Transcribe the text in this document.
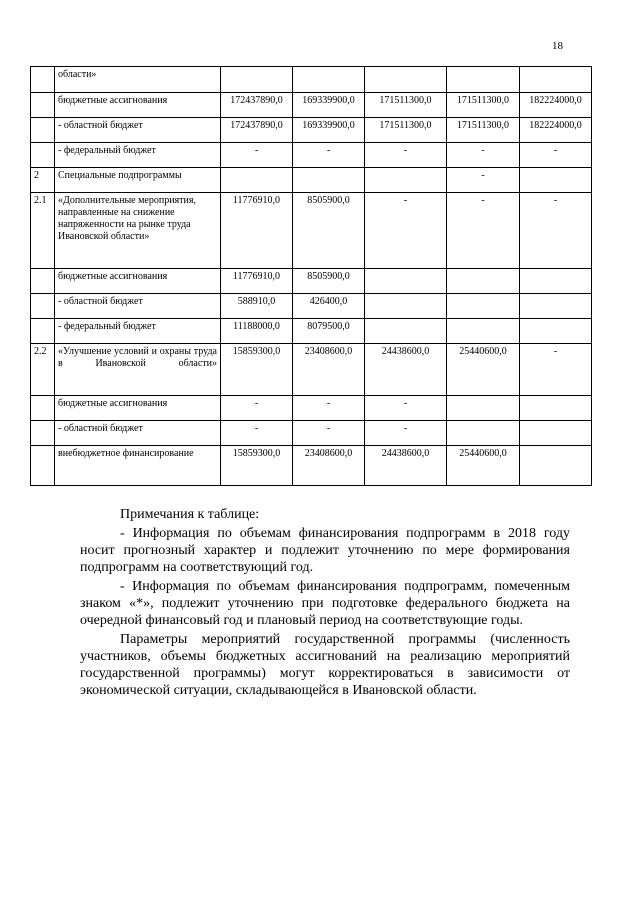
18
	области»					
	бюджетные ассигнования	172437890,0	169339900,0	171511300,0	171511300,0	182224000,0
	- областной бюджет	172437890,0	169339900,0	171511300,0	171511300,0	182224000,0
	- федеральный бюджет	-	-	-	-	-
2	Специальные подпрограммы				-	
2.1	«Дополнительные мероприятия, направленные на снижение напряженности на рынке труда Ивановской области»	11776910,0	8505900,0	-	-	-
	бюджетные ассигнования	11776910,0	8505900,0			
	- областной бюджет	588910,0	426400,0			
	- федеральный бюджет	11188000,0	8079500,0			
2.2	«Улучшение условий и охраны труда в Ивановской области»	15859300,0	23408600,0	24438600,0	25440600,0	-
	бюджетные ассигнования	-	-	-		
	- областной бюджет	-	-	-		
	внебюджетное финансирование	15859300,0	23408600,0	24438600,0	25440600,0	

Примечания к таблице:

- Информация по объемам финансирования подпрограмм в 2018 году носит прогнозный характер и подлежит уточнению по мере формирования подпрограмм на соответствующий год.

- Информация по объемам финансирования подпрограмм, помеченным знаком «*», подлежит уточнению при подготовке федерального бюджета на очередной финансовый год и плановый период на соответствующие годы.

Параметры мероприятий государственной программы (численность участников, объемы бюджетных ассигнований на реализацию мероприятий государственной программы) могут корректироваться в зависимости от экономической ситуации, складывающейся в Ивановской области.
